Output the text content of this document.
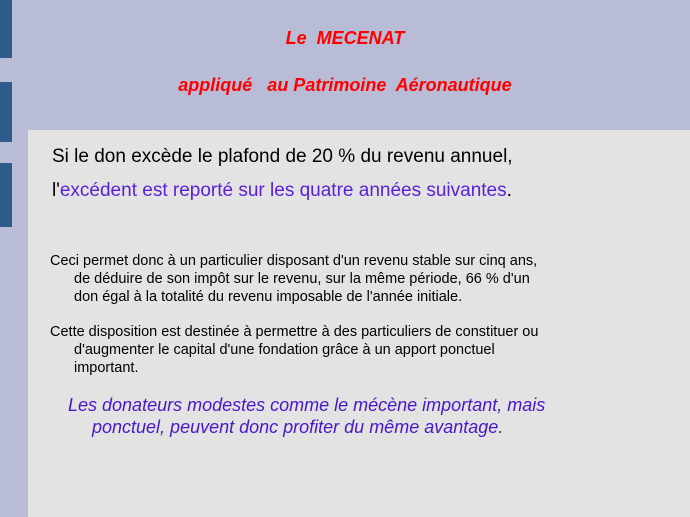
Le  MECENAT
appliqué   au Patrimoine  Aéronautique
Si le don excède le plafond de 20 % du revenu annuel,
l'excédent est reporté sur les quatre années suivantes.
Ceci permet donc à un particulier disposant d'un revenu stable sur cinq ans,
de déduire de son impôt sur le revenu, sur la même période, 66 % d'un
don égal à la totalité du revenu imposable de l'année initiale.
Cette disposition est destinée à permettre à des particuliers de constituer ou
d'augmenter le capital d'une fondation grâce à un apport ponctuel
important.
Les donateurs modestes comme le mécène important, mais
ponctuel, peuvent donc profiter du même avantage.
